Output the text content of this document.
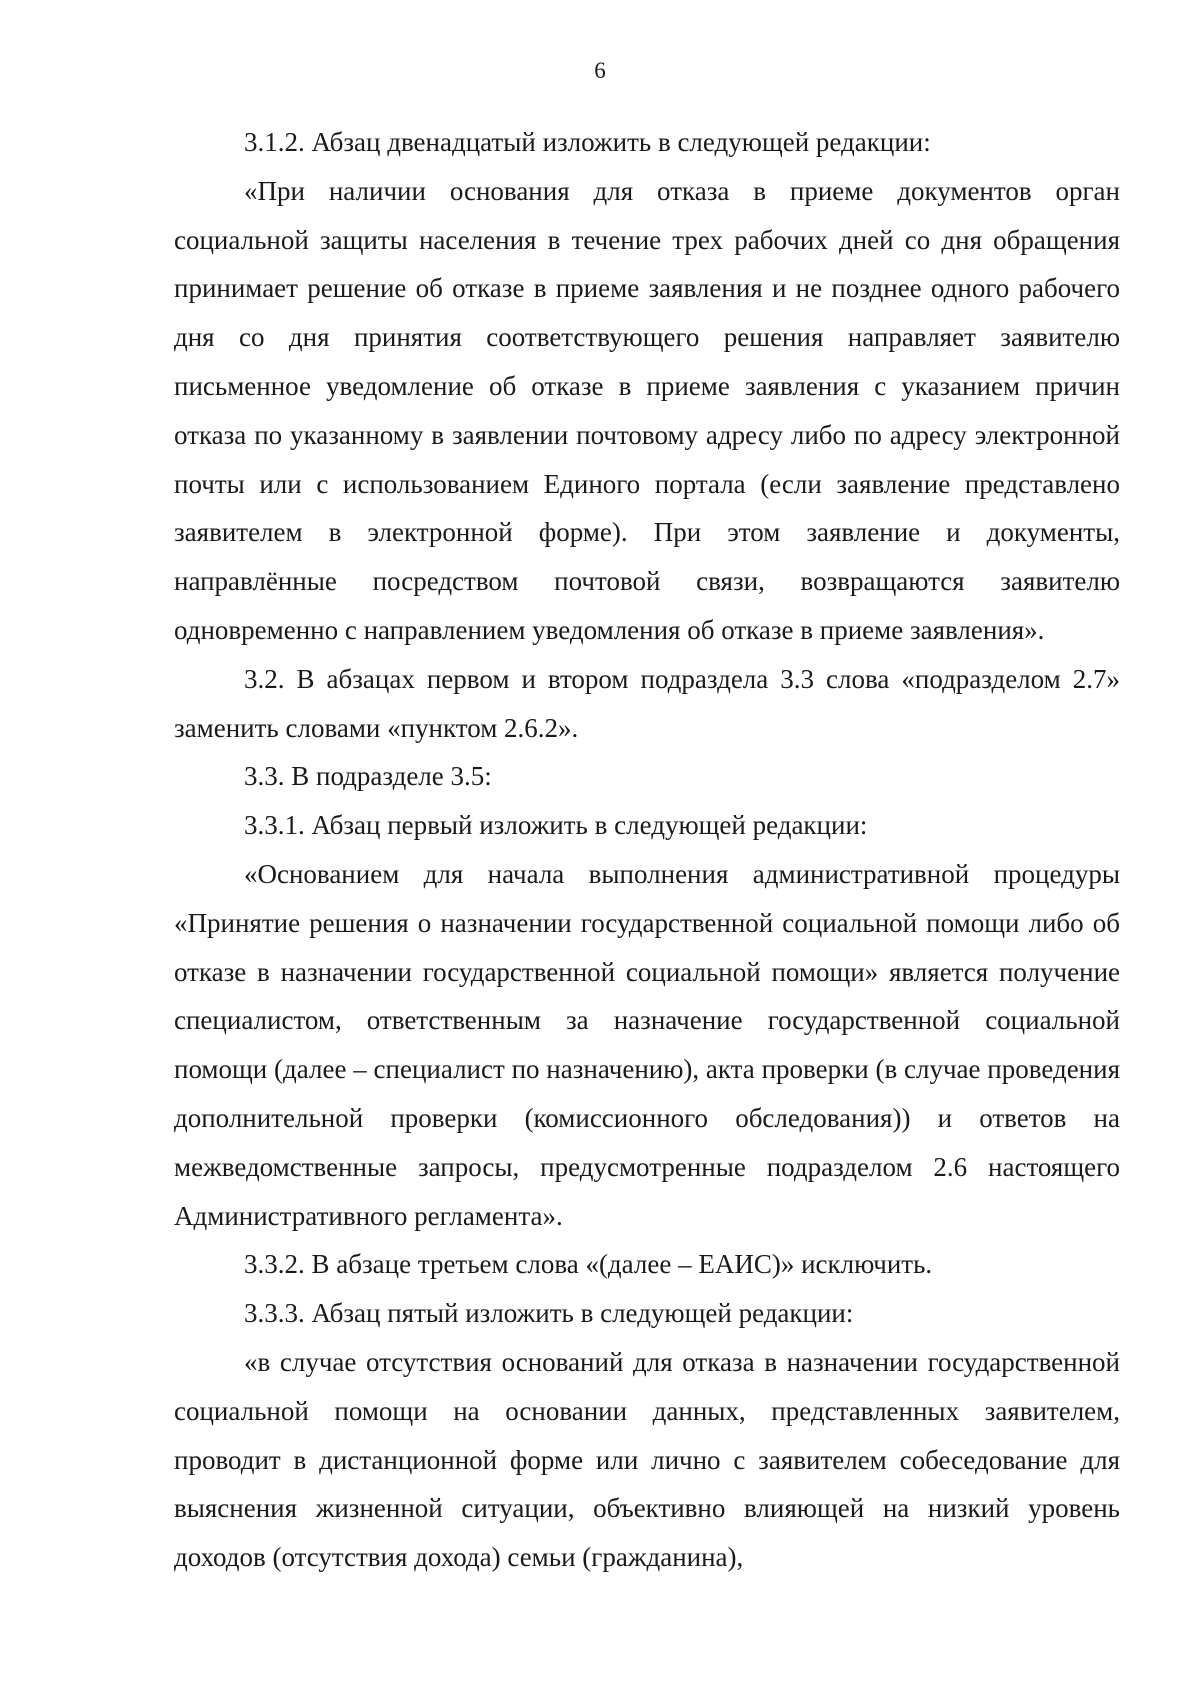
6

3.1.2. Абзац двенадцатый изложить в следующей редакции:

«При наличии основания для отказа в приеме документов орган социальной защиты населения в течение трех рабочих дней со дня обращения принимает решение об отказе в приеме заявления и не позднее одного рабочего дня со дня принятия соответствующего решения направляет заявителю письменное уведомление об отказе в приеме заявления с указанием причин отказа по указанному в заявлении почтовому адресу либо по адресу электронной почты или с использованием Единого портала (если заявление представлено заявителем в электронной форме). При этом заявление и документы, направлённые посредством почтовой связи, возвращаются заявителю одновременно с направлением уведомления об отказе в приеме заявления».

3.2. В абзацах первом и втором подраздела 3.3 слова «подразделом 2.7» заменить словами «пунктом 2.6.2».

3.3. В подразделе 3.5:

3.3.1. Абзац первый изложить в следующей редакции:

«Основанием для начала выполнения административной процедуры «Принятие решения о назначении государственной социальной помощи либо об отказе в назначении государственной социальной помощи» является получение специалистом, ответственным за назначение государственной социальной помощи (далее – специалист по назначению), акта проверки (в случае проведения дополнительной проверки (комиссионного обследования)) и ответов на межведомственные запросы, предусмотренные подразделом 2.6 настоящего Административного регламента».

3.3.2. В абзаце третьем слова «(далее – ЕАИС)» исключить.

3.3.3. Абзац пятый изложить в следующей редакции:

«в случае отсутствия оснований для отказа в назначении государственной социальной помощи на основании данных, представленных заявителем, проводит в дистанционной форме или лично с заявителем собеседование для выяснения жизненной ситуации, объективно влияющей на низкий уровень доходов (отсутствия дохода) семьи (гражданина),
